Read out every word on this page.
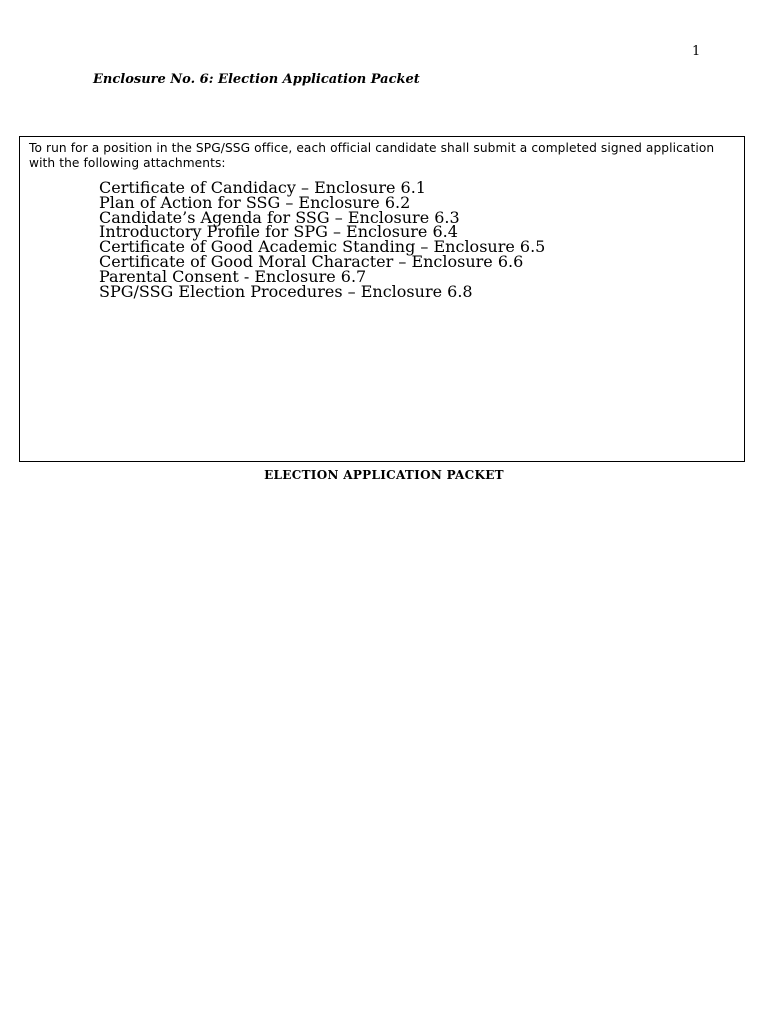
1
Enclosure No. 6: Election Application Packet
To run for a position in the SPG/SSG office, each official candidate shall submit a completed signed application with the following attachments:
Certificate of Candidacy – Enclosure 6.1
Plan of Action for SSG – Enclosure 6.2
Candidate’s Agenda for SSG – Enclosure 6.3
Introductory Profile for SPG – Enclosure 6.4
Certificate of Good Academic Standing – Enclosure 6.5
Certificate of Good Moral Character – Enclosure 6.6
Parental Consent - Enclosure 6.7
SPG/SSG Election Procedures – Enclosure 6.8
ELECTION APPLICATION PACKET
